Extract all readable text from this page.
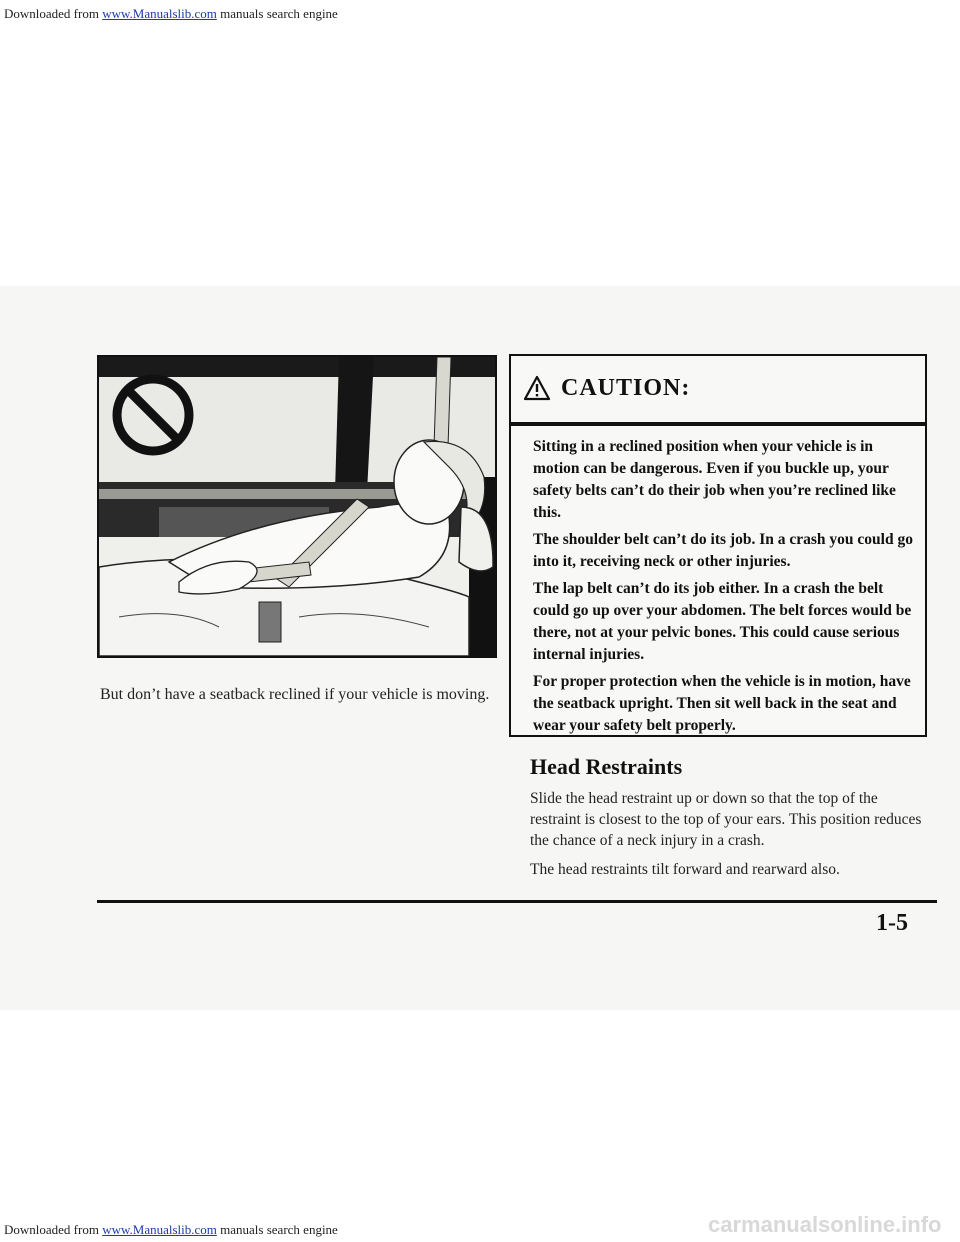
Downloaded from www.Manualslib.com manuals search engine
But don’t have a seatback reclined if your vehicle is moving.
CAUTION:

Sitting in a reclined position when your vehicle is in motion can be dangerous. Even if you buckle up, your safety belts can’t do their job when you’re reclined like this.

The shoulder belt can’t do its job. In a crash you could go into it, receiving neck or other injuries.

The lap belt can’t do its job either. In a crash the belt could go up over your abdomen. The belt forces would be there, not at your pelvic bones. This could cause serious internal injuries.

For proper protection when the vehicle is in motion, have the seatback upright. Then sit well back in the seat and wear your safety belt properly.

Head Restraints

Slide the head restraint up or down so that the top of the restraint is closest to the top of your ears. This position reduces the chance of a neck injury in a crash.

The head restraints tilt forward and rearward also.

1-5
Downloaded from www.Manualslib.com manuals search engine	carmanualsonline.info
